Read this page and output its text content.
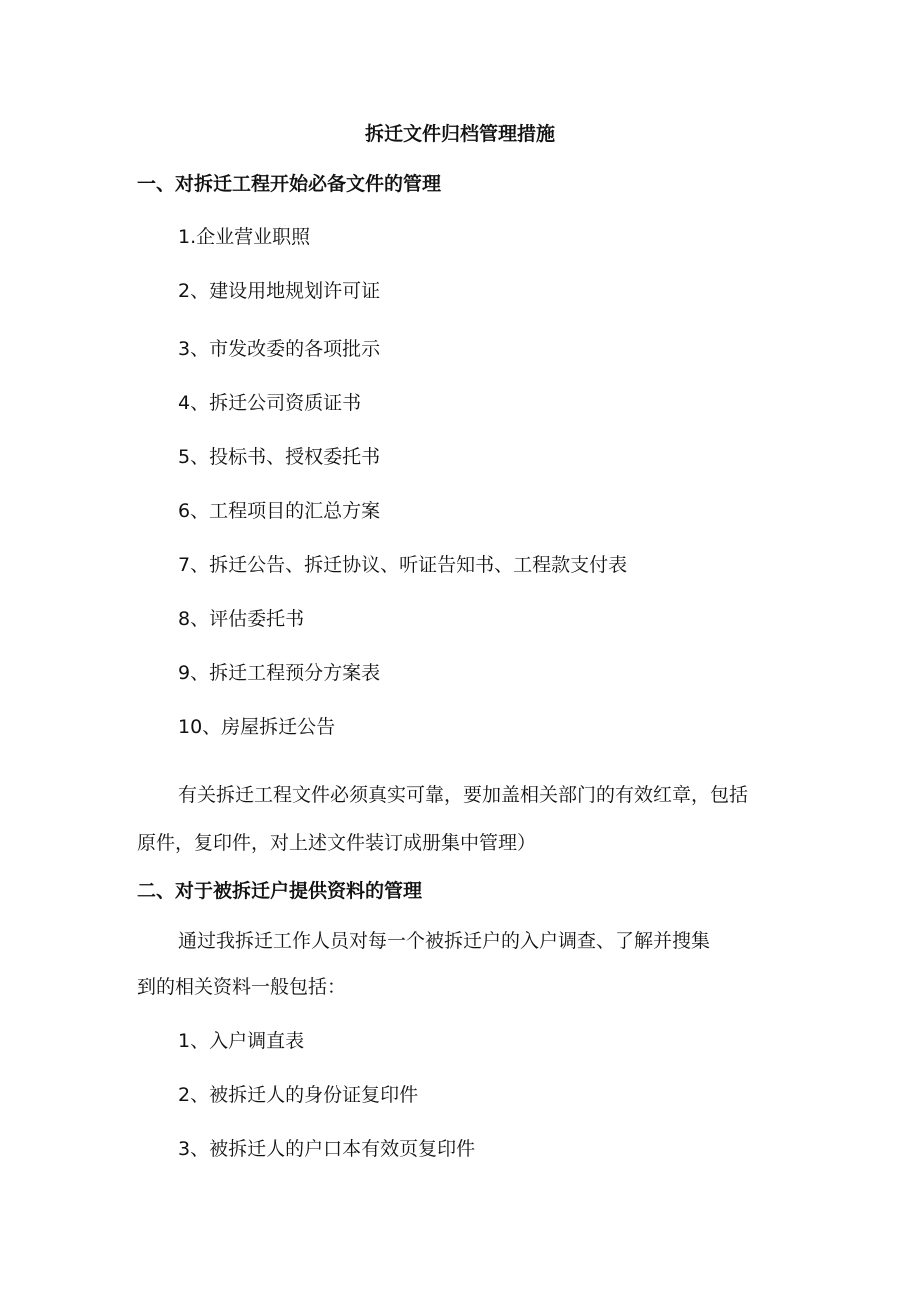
拆迁文件归档管理措施
一、对拆迁工程开始必备文件的管理
1.企业营业职照
2、建设用地规划许可证
3、市发改委的各项批示
4、拆迁公司资质证书
5、投标书、授权委托书
6、工程项目的汇总方案
7、拆迁公告、拆迁协议、听证告知书、工程款支付表
8、评估委托书
9、拆迁工程预分方案表
10、房屋拆迁公告
有关拆迁工程文件必须真实可靠，要加盖相关部门的有效红章，包括
原件，复印件，对上述文件装订成册集中管理）
二、对于被拆迁户提供资料的管理
通过我拆迁工作人员对每一个被拆迁户的入户调查、了解并搜集
到的相关资料一般包括：
1、入户调直表
2、被拆迁人的身份证复印件
3、被拆迁人的户口本有效页复印件
